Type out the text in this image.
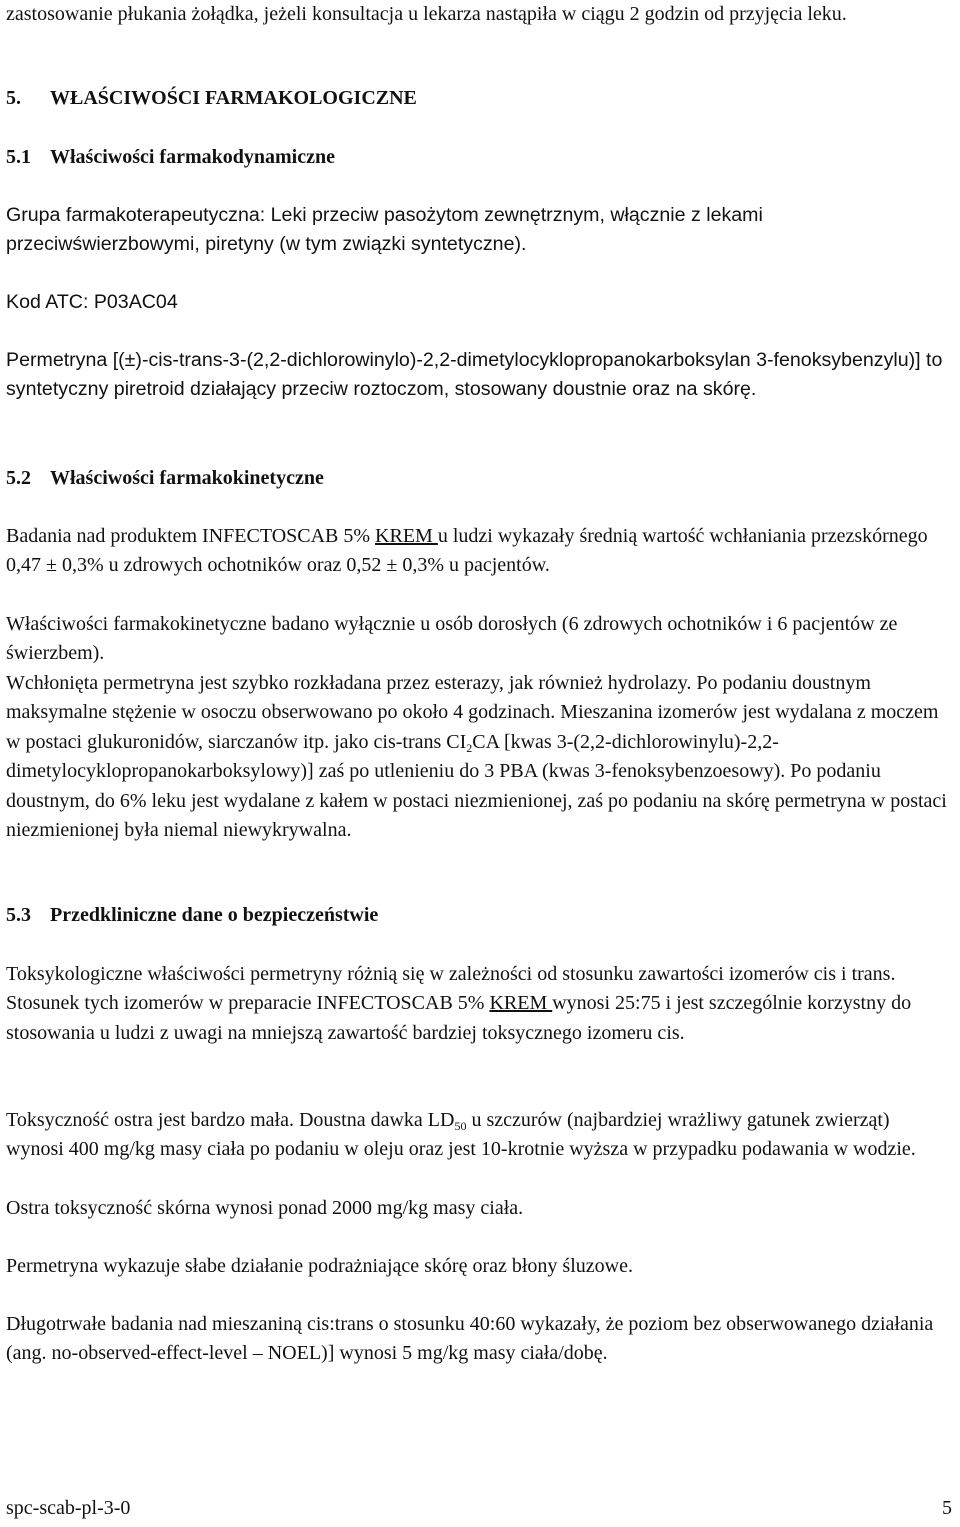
zastosowanie płukania żołądka, jeżeli konsultacja u lekarza nastąpiła w ciągu 2 godzin od przyjęcia leku.

5. WŁAŚCIWOŚCI FARMAKOLOGICZNE

5.1 Właściwości farmakodynamiczne

Grupa farmakoterapeutyczna: Leki przeciw pasożytom zewnętrznym, włącznie z lekami przeciwświerzbowymi, piretyny (w tym związki syntetyczne).

Kod ATC: P03AC04

Permetryna [(±)-cis-trans-3-(2,2-dichlorowinylo)-2,2-dimetylocyklopropanokarboksylan 3-fenoksybenzylu)] to syntetyczny piretroid działający przeciw roztoczom, stosowany doustnie oraz na skórę.

5.2 Właściwości farmakokinetyczne

Badania nad produktem INFECTOSCAB 5% KREM u ludzi wykazały średnią wartość wchłaniania przezskórnego 0,47 ± 0,3% u zdrowych ochotników oraz 0,52 ± 0,3% u pacjentów.

Właściwości farmakokinetyczne badano wyłącznie u osób dorosłych (6 zdrowych ochotników i 6 pacjentów ze świerzbem).

Wchłonięta permetryna jest szybko rozkładana przez esterazy, jak również hydrolazy. Po podaniu doustnym maksymalne stężenie w osoczu obserwowano po około 4 godzinach. Mieszanina izomerów jest wydalana z moczem w postaci glukuronidów, siarczanów itp. jako cis-trans $CI_2CA$ [kwas 3-(2,2-dichlorowinylu)-2,2-dimetylocyklopropanokarboksylowy)] zaś po utlenieniu do 3 PBA (kwas 3-fenoksybenzoesowy). Po podaniu doustnym, do 6% leku jest wydalane z kałem w postaci niezmienionej, zaś po podaniu na skórę permetryna w postaci niezmienionej była niemal niewykrywalna.

5.3 Przedkliniczne dane o bezpieczeństwie

Toksykologiczne właściwości permetryny różnią się w zależności od stosunku zawartości izomerów cis i trans. Stosunek tych izomerów w preparacie INFECTOSCAB 5% KREM wynosi 25:75 i jest szczególnie korzystny do stosowania u ludzi z uwagi na mniejszą zawartość bardziej toksycznego izomeru cis.

Toksyczność ostra jest bardzo mała. Doustna dawka $LD_{50}$ u szczurów (najbardziej wrażliwy gatunek zwierząt) wynosi 400 mg/kg masy ciała po podaniu w oleju oraz jest 10-krotnie wyższa w przypadku podawania w wodzie.

Ostra toksyczność skórna wynosi ponad 2000 mg/kg masy ciała.

Permetryna wykazuje słabe działanie podrażniające skórę oraz błony śluzowe.

Długotrwałe badania nad mieszaniną cis:trans o stosunku 40:60 wykazały, że poziom bez obserwowanego działania (ang. no-observed-effect-level – NOEL)] wynosi 5 mg/kg masy ciała/dobę.

spc-scab-pl-3-0	5
